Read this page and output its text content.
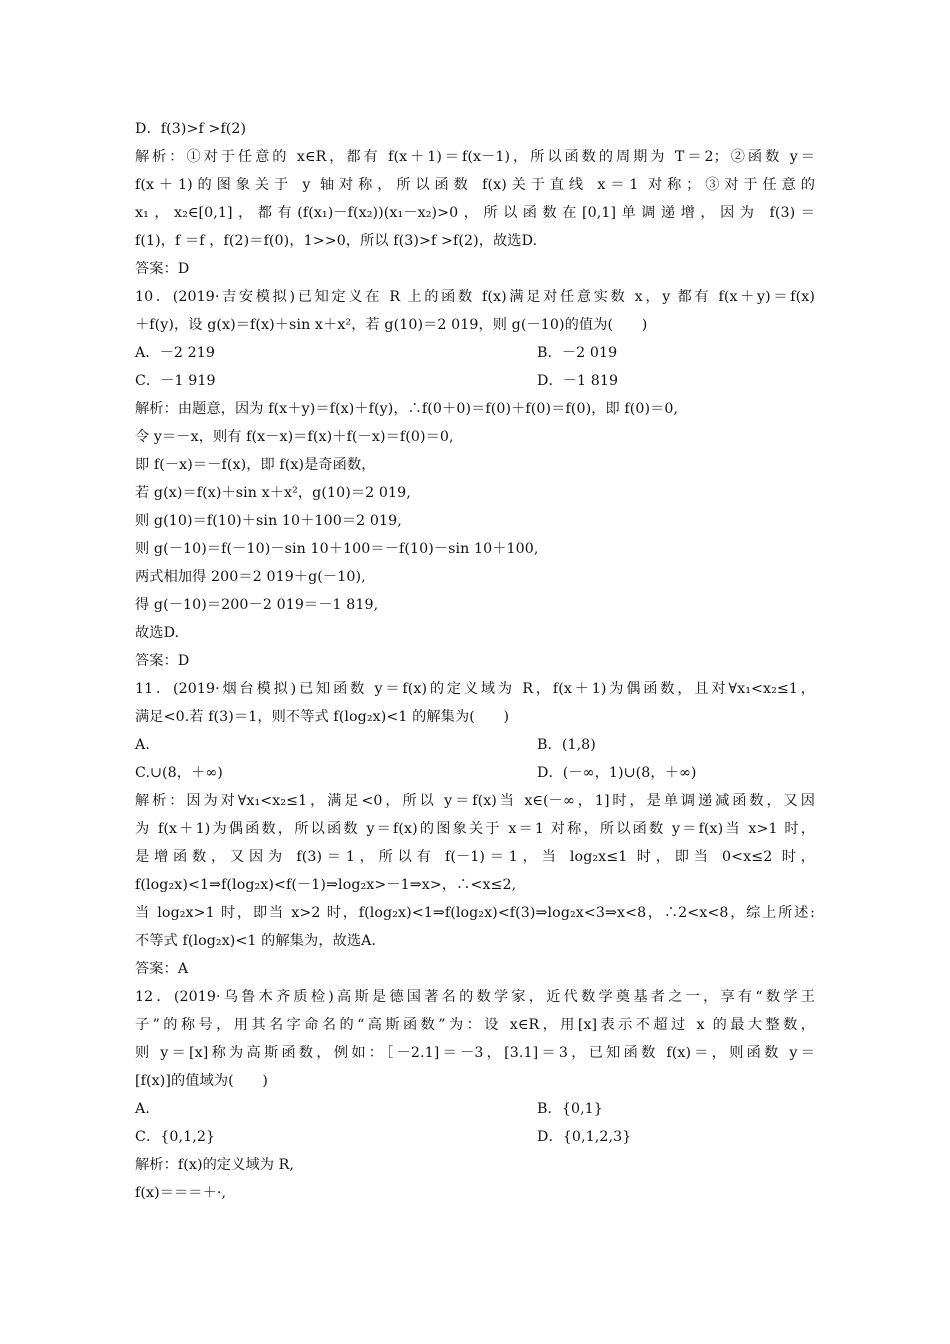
D．f(3)>f >f(2)
解析：①对于任意的 x∈R，都有 f(x＋1)＝f(x－1)，所以函数的周期为 T＝2；②函数 y＝
f(x＋1)的图象关于 y 轴对称，所以函数 f(x)关于直线 x＝1 对称；③对于任意的
x₁，x₂∈[0,1]，都有(f(x₁)－f(x₂))(x₁－x₂)>0，所以函数在[0,1]单调递增，因为 f(3)＝
f(1)，f ＝f ，f(2)＝f(0)，1>>0，所以 f(3)>f >f(2)，故选D.
答案：D
10．(2019·吉安模拟)已知定义在 R 上的函数 f(x)满足对任意实数 x，y 都有 f(x＋y)＝f(x)
＋f(y)，设 g(x)＝f(x)＋sin x＋x²，若 g(10)＝2 019，则 g(－10)的值为(　　)
A．－2 219	B．－2 019
C．－1 919	D．－1 819
解析：由题意，因为 f(x＋y)＝f(x)＋f(y)，∴f(0＋0)＝f(0)＋f(0)＝f(0)，即 f(0)＝0,
令 y＝－x，则有 f(x－x)＝f(x)＋f(－x)＝f(0)＝0,
即 f(－x)＝－f(x)，即 f(x)是奇函数，
若 g(x)＝f(x)＋sin x＋x²，g(10)＝2 019,
则 g(10)＝f(10)＋sin 10＋100＝2 019,
则 g(－10)＝f(－10)－sin 10＋100＝－f(10)－sin 10＋100,
两式相加得 200＝2 019＋g(－10),
得 g(－10)＝200－2 019＝－1 819,
故选D.
答案：D
11．(2019·烟台模拟)已知函数 y＝f(x)的定义域为 R，f(x＋1)为偶函数，且对∀x₁<x₂≤1，
满足<0.若 f(3)＝1，则不等式 f(log₂x)<1 的解集为(　　)
A.	B．(1,8)
C.∪(8，＋∞)	D．(－∞，1)∪(8，＋∞)
解析：因为对∀x₁<x₂≤1，满足<0，所以 y＝f(x)当 x∈(－∞，1]时，是单调递减函数，又因
为 f(x＋1)为偶函数，所以函数 y＝f(x)的图象关于 x＝1 对称，所以函数 y＝f(x)当 x>1 时，
是增函数，又因为 f(3)＝1，所以有 f(－1)＝1，当 log₂x≤1 时，即当 0<x≤2 时，
f(log₂x)<1⇒f(log₂x)<f(－1)⇒log₂x>－1⇒x>，∴<x≤2,
当 log₂x>1 时，即当 x>2 时，f(log₂x)<1⇒f(log₂x)<f(3)⇒log₂x<3⇒x<8，∴2<x<8，综上所述:
不等式 f(log₂x)<1 的解集为，故选A.
答案：A
12．(2019·乌鲁木齐质检)高斯是德国著名的数学家，近代数学奠基者之一，享有“数学王
子”的称号，用其名字命名的“高斯函数”为：设 x∈R，用[x]表示不超过 x 的最大整数，
则 y＝[x]称为高斯函数，例如：［－2.1]＝－3，[3.1]＝3，已知函数 f(x)＝，则函数 y＝
[f(x)]的值域为(　　)
A.	B．{0,1}
C．{0,1,2}	D．{0,1,2,3}
解析：f(x)的定义域为 R,
f(x)＝＝＝＋·,
